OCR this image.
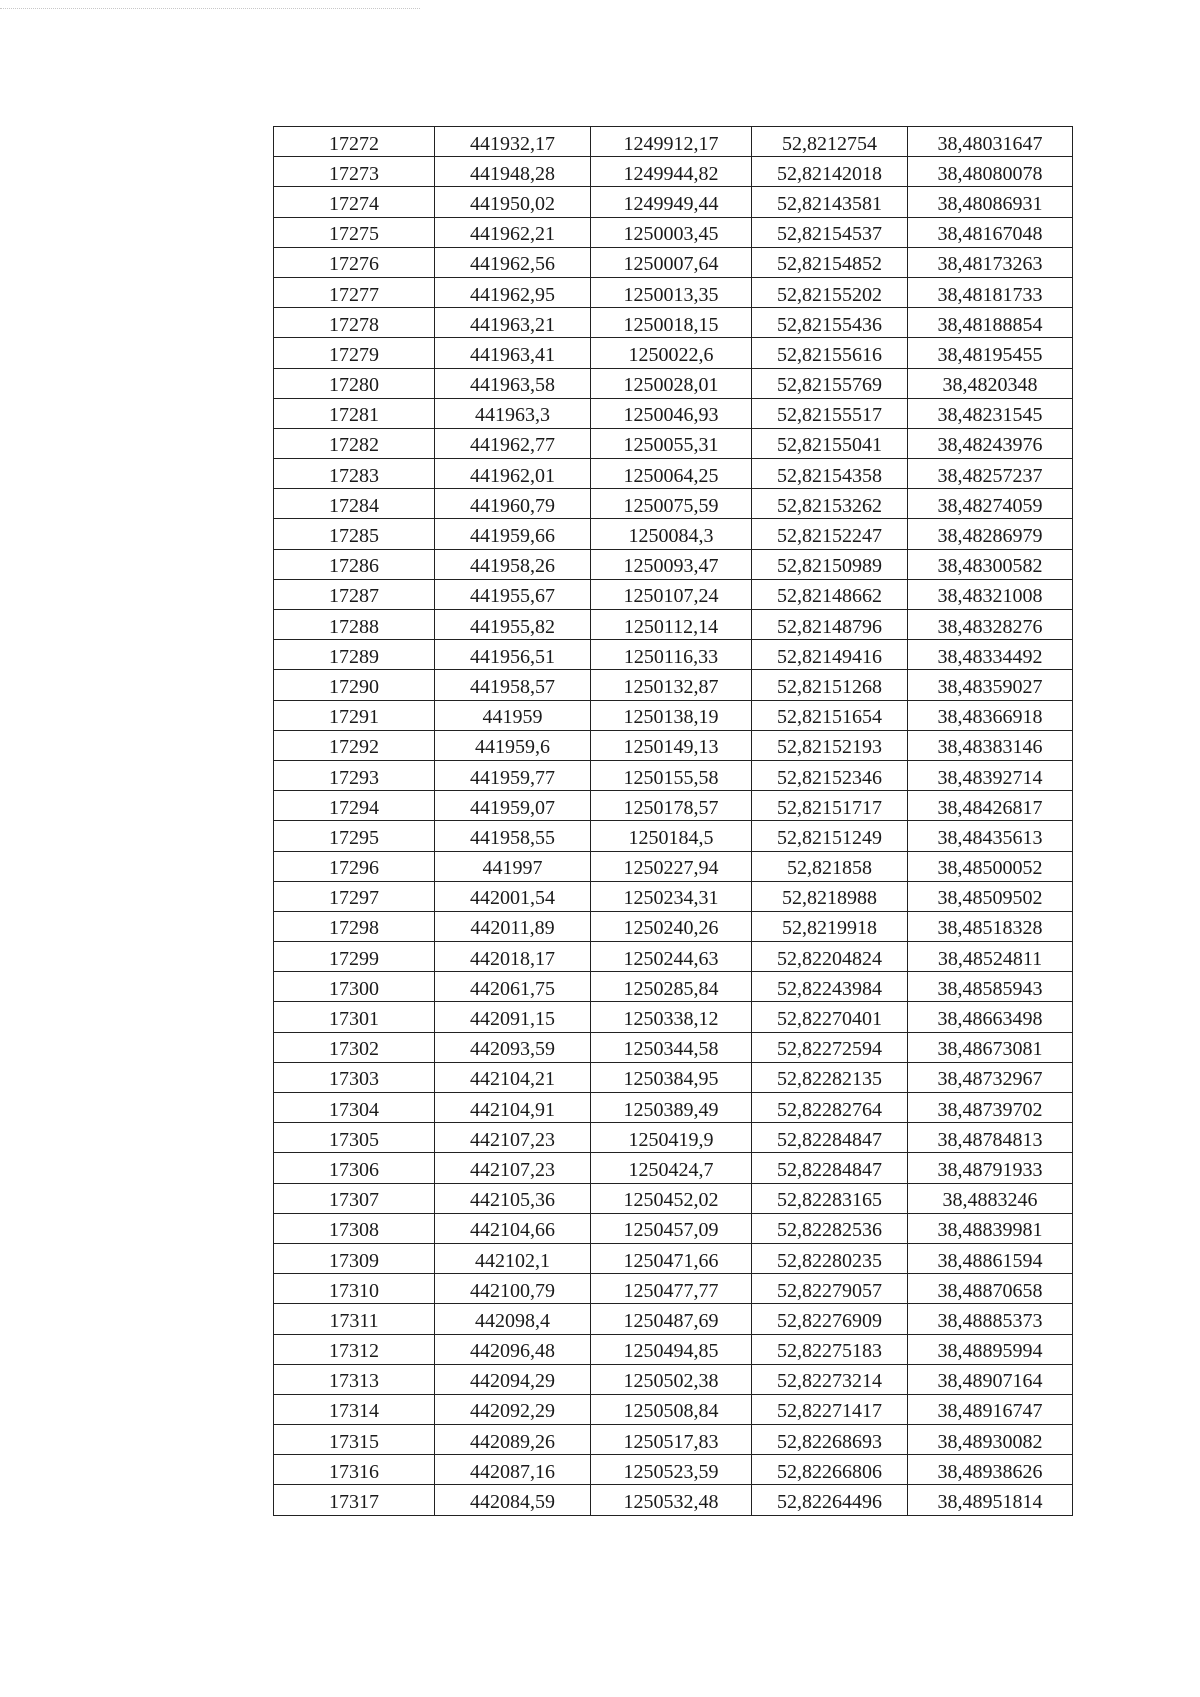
17272	441932,17	1249912,17	52,8212754	38,48031647
17273	441948,28	1249944,82	52,82142018	38,48080078
17274	441950,02	1249949,44	52,82143581	38,48086931
17275	441962,21	1250003,45	52,82154537	38,48167048
17276	441962,56	1250007,64	52,82154852	38,48173263
17277	441962,95	1250013,35	52,82155202	38,48181733
17278	441963,21	1250018,15	52,82155436	38,48188854
17279	441963,41	1250022,6	52,82155616	38,48195455
17280	441963,58	1250028,01	52,82155769	38,4820348
17281	441963,3	1250046,93	52,82155517	38,48231545
17282	441962,77	1250055,31	52,82155041	38,48243976
17283	441962,01	1250064,25	52,82154358	38,48257237
17284	441960,79	1250075,59	52,82153262	38,48274059
17285	441959,66	1250084,3	52,82152247	38,48286979
17286	441958,26	1250093,47	52,82150989	38,48300582
17287	441955,67	1250107,24	52,82148662	38,48321008
17288	441955,82	1250112,14	52,82148796	38,48328276
17289	441956,51	1250116,33	52,82149416	38,48334492
17290	441958,57	1250132,87	52,82151268	38,48359027
17291	441959	1250138,19	52,82151654	38,48366918
17292	441959,6	1250149,13	52,82152193	38,48383146
17293	441959,77	1250155,58	52,82152346	38,48392714
17294	441959,07	1250178,57	52,82151717	38,48426817
17295	441958,55	1250184,5	52,82151249	38,48435613
17296	441997	1250227,94	52,821858	38,48500052
17297	442001,54	1250234,31	52,8218988	38,48509502
17298	442011,89	1250240,26	52,8219918	38,48518328
17299	442018,17	1250244,63	52,82204824	38,48524811
17300	442061,75	1250285,84	52,82243984	38,48585943
17301	442091,15	1250338,12	52,82270401	38,48663498
17302	442093,59	1250344,58	52,82272594	38,48673081
17303	442104,21	1250384,95	52,82282135	38,48732967
17304	442104,91	1250389,49	52,82282764	38,48739702
17305	442107,23	1250419,9	52,82284847	38,48784813
17306	442107,23	1250424,7	52,82284847	38,48791933
17307	442105,36	1250452,02	52,82283165	38,4883246
17308	442104,66	1250457,09	52,82282536	38,48839981
17309	442102,1	1250471,66	52,82280235	38,48861594
17310	442100,79	1250477,77	52,82279057	38,48870658
17311	442098,4	1250487,69	52,82276909	38,48885373
17312	442096,48	1250494,85	52,82275183	38,48895994
17313	442094,29	1250502,38	52,82273214	38,48907164
17314	442092,29	1250508,84	52,82271417	38,48916747
17315	442089,26	1250517,83	52,82268693	38,48930082
17316	442087,16	1250523,59	52,82266806	38,48938626
17317	442084,59	1250532,48	52,82264496	38,48951814
